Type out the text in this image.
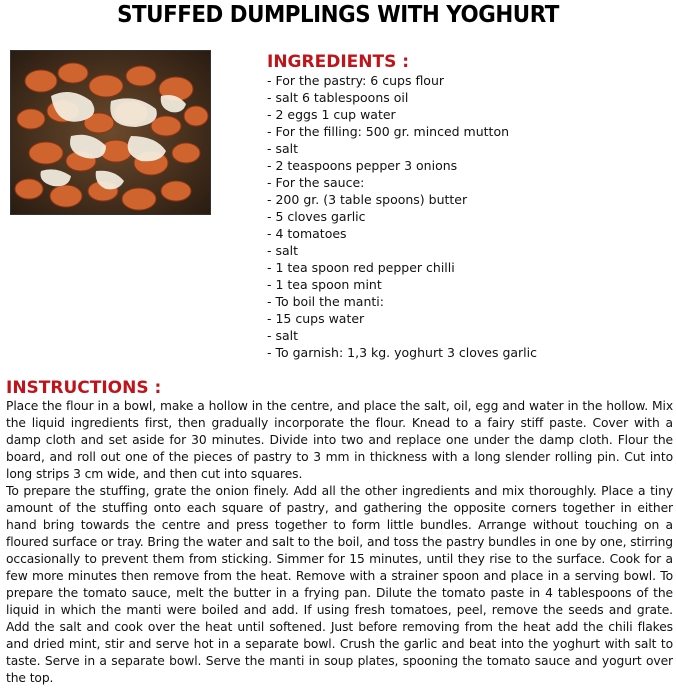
STUFFED DUMPLINGS WITH YOGHURT
INGREDIENTS :
- For the pastry: 6 cups flour
- salt 6 tablespoons oil
- 2 eggs 1 cup water
- For the filling: 500 gr. minced mutton
- salt
- 2 teaspoons pepper 3 onions
- For the sauce:
- 200 gr. (3 table spoons) butter
- 5 cloves garlic
- 4 tomatoes
- salt
- 1 tea spoon red pepper chilli
- 1 tea spoon mint
- To boil the manti:
- 15 cups water
- salt
- To garnish: 1,3 kg. yoghurt 3 cloves garlic
INSTRUCTIONS :

Place the flour in a bowl, make a hollow in the centre, and place the salt, oil, egg and water in the hollow. Mix the liquid ingredients first, then gradually incorporate the flour. Knead to a fairy stiff paste. Cover with a damp cloth and set aside for 30 minutes. Divide into two and replace one under the damp cloth. Flour the board, and roll out one of the pieces of pastry to 3 mm in thickness with a long slender rolling pin. Cut into long strips 3 cm wide, and then cut into squares.

To prepare the stuffing, grate the onion finely. Add all the other ingredients and mix thoroughly. Place a tiny amount of the stuffing onto each square of pastry, and gathering the opposite corners together in either hand bring towards the centre and press together to form little bundles. Arrange without touching on a floured surface or tray. Bring the water and salt to the boil, and toss the pastry bundles in one by one, stirring occasionally to prevent them from sticking. Simmer for 15 minutes, until they rise to the surface. Cook for a few more minutes then remove from the heat. Remove with a strainer spoon and place in a serving bowl. To prepare the tomato sauce, melt the butter in a frying pan. Dilute the tomato paste in 4 tablespoons of the liquid in which the manti were boiled and add. If using fresh tomatoes, peel, remove the seeds and grate. Add the salt and cook over the heat until softened. Just before removing from the heat add the chili flakes and dried mint, stir and serve hot in a separate bowl. Crush the garlic and beat into the yoghurt with salt to taste. Serve in a separate bowl. Serve the manti in soup plates, spooning the tomato sauce and yogurt over the top.
